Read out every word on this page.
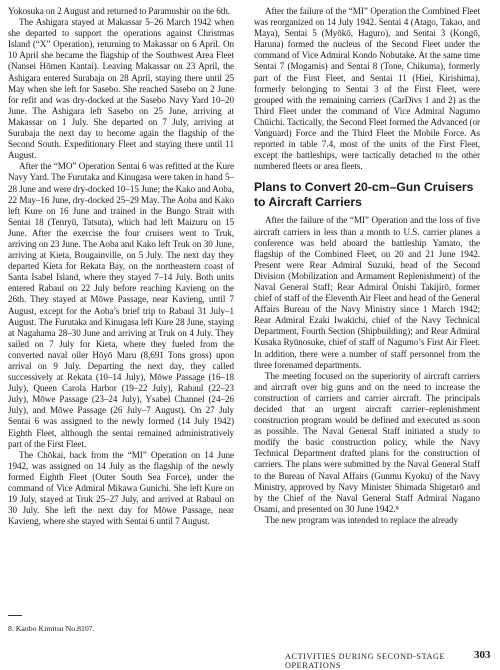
Yokosuka on 2 August and returned to Paramushir on the 6th.

The Ashigara stayed at Makassar 5–26 March 1942 when she departed to support the operations against Christmas Island (“X” Operation), returning to Makassar on 6 April. On 10 April she became the flagship of the Southwest Area Fleet (Nansei Hōmen Kantai). Leaving Makassar on 23 April, the Ashigara entered Surabaja on 28 April, staying there until 25 May when she left for Sasebo. She reached Sasebo on 2 June for refit and was dry-docked at the Sasebo Navy Yard 10–20 June. The Ashigara left Sasebo on 25 June, arriving at Makassar on 1 July. She departed on 7 July, arriving at Surabaja the next day to become again the flagship of the Second South. Expeditionary Fleet and staying there until 11 August.

After the “MO” Operation Sentai 6 was refitted at the Kure Navy Yard. The Furutaka and Kinugasa were taken in hand 5–28 June and were dry-docked 10–15 June; the Kako and Aoba, 22 May–16 June, dry-docked 25–29 May. The Aoba and Kako left Kure on 16 June and trained in the Bungo Strait with Sentai 18 (Tenryū, Tatsuta), which had left Maizuru on 15 June. After the exercise the four cruisers went to Truk, arriving on 23 June. The Aoba and Kako left Truk on 30 June, arriving at Kieta, Bougainville, on 5 July. The next day they departed Kieta for Rekata Bay, on the northeastern coast of Santa Isabel Island, where they stayed 7–14 July. Both units entered Rabaul on 22 July before reaching Kavieng on the 26th. They stayed at Mōwe Passage, near Kavieng, until 7 August, except for the Aoba’s brief trip to Rabaul 31 July–1 August. The Furutaka and Kinugasa left Kure 28 June, staying at Nagahama 28–30 June and arriving at Truk on 4 July. They sailed on 7 July for Kieta, where they fueled from the converted naval oiler Hōyō Maru (8,691 Tons gross) upon arrival on 9 July. Departing the next day, they called successively at Rekata (10–14 July), Mōwe Passage (16–18 July), Queen Carola Harbor (19–22 July), Rabaul (22–23 July), Mōwe Passage (23–24 July), Ysabel Channel (24–26 July), and Mōwe Passage (26 July–7 August). On 27 July Sentai 6 was assigned to the newly formed (14 July 1942) Eighth Fleet, although the sentai remained administratively part of the First Fleet.

The Chōkai, back from the “MI” Operation on 14 June 1942, was assigned on 14 July as the flagship of the newly formed Eighth Fleet (Outer South Sea Force), under the command of Vice Admiral Mikawa Gunichi. She left Kure on 19 July, stayed at Truk 25–27 July, and arrived at Rabaul on 30 July. She left the next day for Mōwe Passage, near Kavieng, where she stayed with Sentai 6 until 7 August.

After the failure of the “MI” Operation the Combined Fleet was reorganized on 14 July 1942. Sentai 4 (Atago, Takao, and Maya), Sentai 5 (Myōkō, Haguro), and Sentai 3 (Kongō, Haruna) formed the nucleus of the Second Fleet under the command of Vice Admiral Kondo Nobutake. At the same time Sentai 7 (Mogamis) and Sentai 8 (Tone, Chikuma), formerly part of the First Fleet, and Sentai 11 (Hiei, Kirishima), formerly belonging to Sentai 3 of the First Fleet, were grouped with the remaining carriers (CarDivs 1 and 2) as the Third Fleet under the command of Vice Admiral Nagumo Chūichi. Tactically, the Second Fleet formed the Advanced (or Vanguard) Force and the Third Fleet the Mobile Force. As reported in table 7.4, most of the units of the First Fleet, except the battleships, were tactically detached to the other numbered fleets or area fleets.

Plans to Convert 20-cm–Gun Cruisers to Aircraft Carriers

After the failure of the “MI” Operation and the loss of five aircraft carriers in less than a month to U.S. carrier planes a conference was held aboard the battleship Yamato, the flagship of the Combined Fleet, on 20 and 21 June 1942. Present were Rear Admiral Suzuki, head of the Second Division (Mobilization and Armament Replenishment) of the Naval General Staff; Rear Admiral Ōnishi Takijirō, former chief of staff of the Eleventh Air Fleet and head of the General Affairs Bureau of the Navy Ministry since 1 March 1942; Rear Admiral Ezaki Iwakichi, chief of the Navy Technical Department, Fourth Section (Shipbuilding); and Rear Admiral Kusaka Ryūnosuke, chief of staff of Nagumo’s First Air Fleet. In addition, there were a number of staff personnel from the three forenamed departments.

The meeting focused on the superiority of aircraft carriers and aircraft over big guns and on the need to increase the construction of carriers and carrier aircraft. The principals decided that an urgent aircraft carrier–replenishment construction program would be defined and executed as soon as possible. The Naval General Staff initiated a study to modify the basic construction policy, while the Navy Technical Department drafted plans for the construction of carriers. The plans were submitted by the Naval General Staff to the Bureau of Naval Affairs (Gunmu Kyoku) of the Navy Ministry, approved by Navy Minister Shimada Shigetarō and by the Chief of the Naval General Staff Admiral Nagano Osami, and presented on 30 June 1942.⁸

The new program was intended to replace the already

8. Kanbo Kimitsu No.8107.
ACTIVITIES DURING SECOND-STAGE OPERATIONS
303
